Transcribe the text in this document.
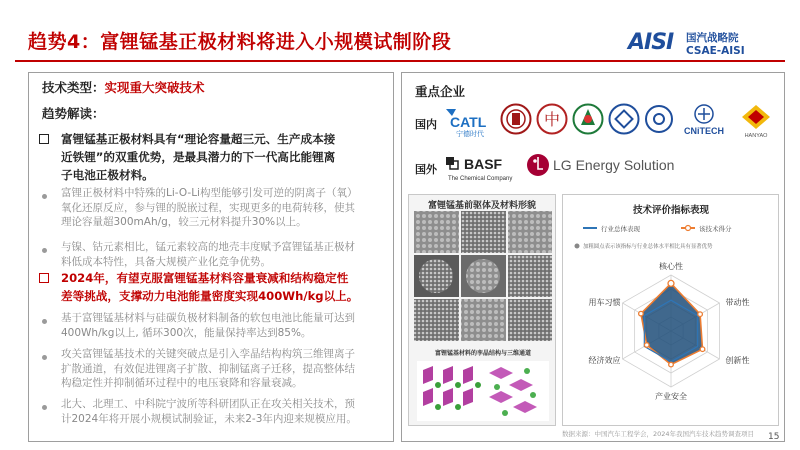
趋势4：富锂锰基正极材料将进入小规模试制阶段	AISI 国汽战略院
CSAE-AISI
技术类型：实现重大突破技术
趋势解读：
富锂锰基正极材料具有“理论容量超三元、生产成本接
近铁锂”的双重优势，是最具潜力的下一代高比能锂离
子电池正极材料。
富锂正极材料中特殊的Li-O-Li构型能够引发可逆的阴离子（氧）
氧化还原反应，参与锂的脱嵌过程，实现更多的电荷转移，使其
理论容量超300mAh/g，较三元材料提升30%以上。
与镍、钴元素相比，锰元素较高的地壳丰度赋予富锂锰基正极材
料低成本特性，具备大规模产业化竞争优势。
2024年，有望克服富锂锰基材料容量衰减和结构稳定性
差等挑战，支撑动力电池能量密度实现400Wh/kg以上。
基于富锂锰基材料与硅碳负极材料制备的软包电池比能量可达到
400Wh/kg以上, 循环300次，能量保持率达到85%。
攻关富锂锰基技术的关键突破点是引入孪晶结构构筑三维锂离子
扩散通道，有效促进锂离子扩散、抑制锰离子迁移，提高整体结
构稳定性并抑制循环过程中的电压衰降和容量衰减。
北大、北理工、中科院宁波所等科研团队正在攻关相关技术，预
计2024年将开展小规模试制验证，未来2-3年内迎来规模应用。
重点企业
国内
国外
CATL
宁德时代
中
CNiTECH	HANYAO
BASF
The Chemical Company
LG Energy Solution
富锂锰基前驱体及材料形貌
富锂锰基材料的孪晶结构与三维通道
技术评价指标表现
行业总体表现	该技术得分
加粗圆点表示该指标与行业总体水平相比具有显著优势
核心性
带动性
创新性
产业安全
经济效应
用车习惯
数据来源：中国汽车工程学会，2024年我国汽车技术趋势调查项目 15
